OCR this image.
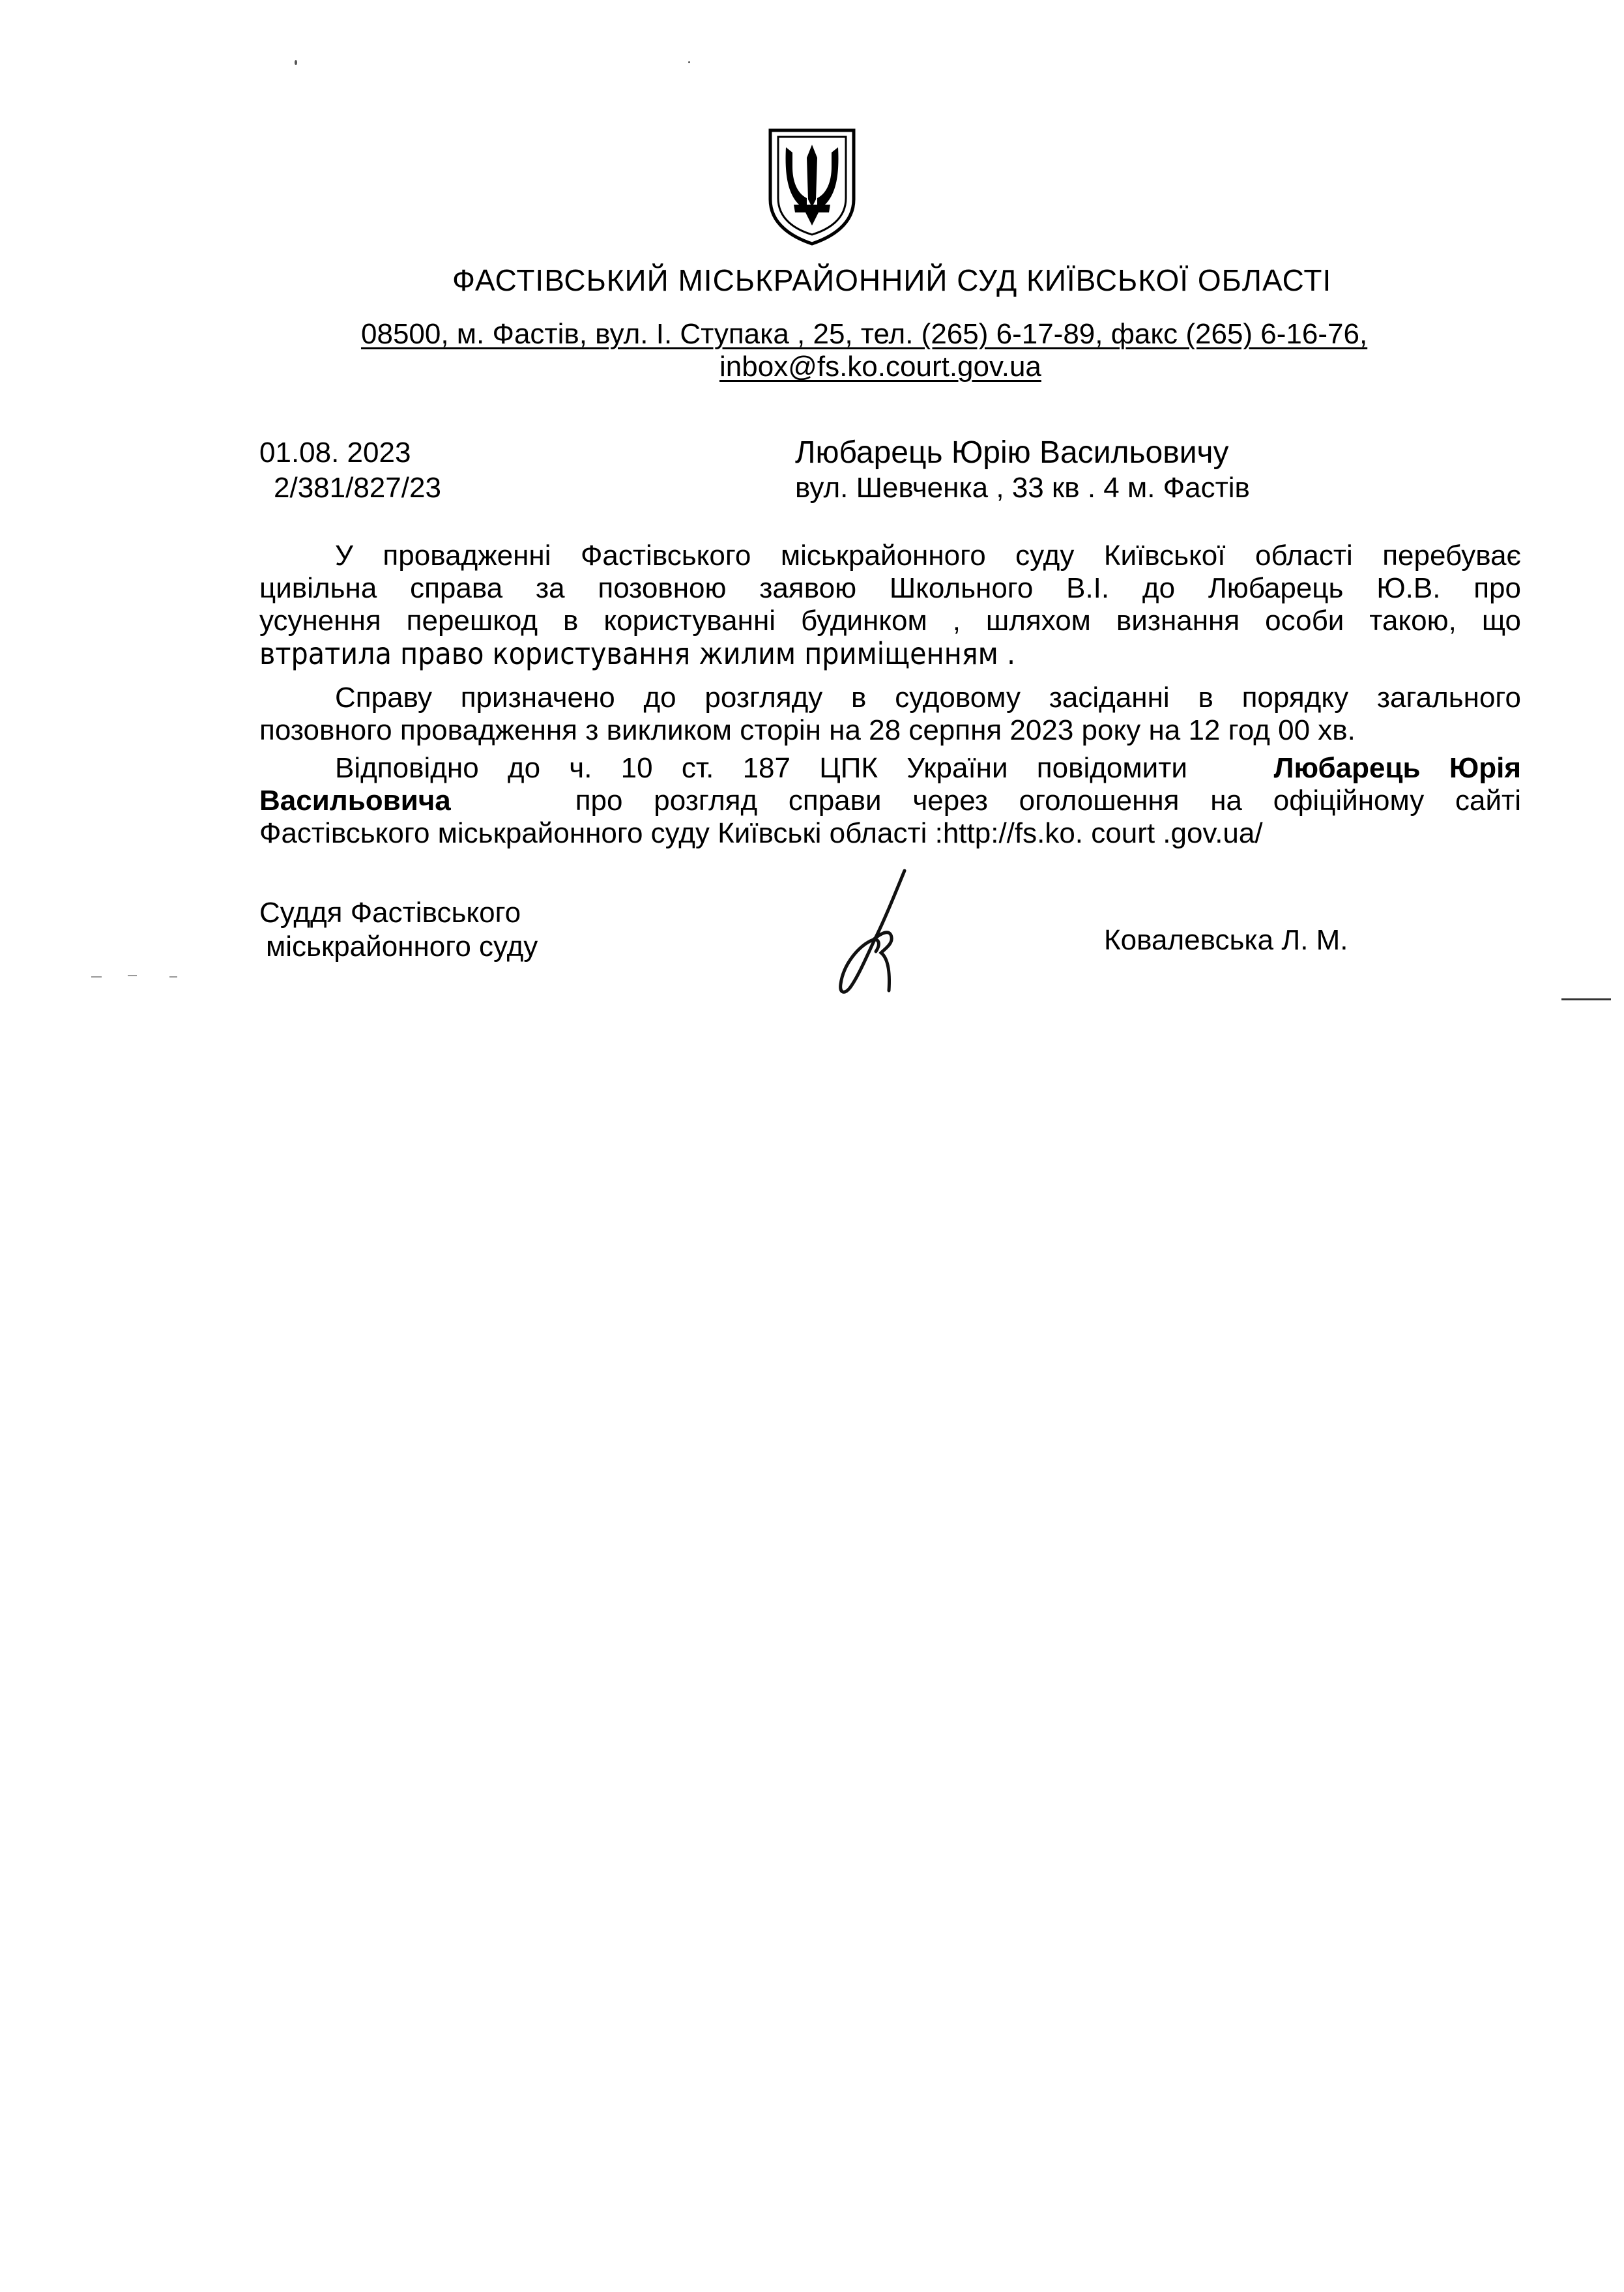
ФАСТІВСЬКИЙ МІСЬКРАЙОННИЙ СУД КИЇВСЬКОЇ ОБЛАСТІ
08500, м. Фастів, вул. І. Ступака , 25, тел. (265) 6-17-89, факс (265) 6-16-76,
inbox@fs.ko.court.gov.ua
01.08. 2023
2/381/827/23
Любарець Юрію Васильовичу
вул. Шевченка , 33 кв . 4 м. Фастів
У провадженні Фастівського міськрайонного суду Київської області перебуває
цивільна справа за позовною заявою Школьного В.І. до Любарець Ю.В. про
усунення перешкод в користуванні будинком , шляхом визнання особи такою, що
втратила право користування жилим приміщенням .
Справу призначено до розгляду в судовому засіданні в порядку загального
позовного провадження з викликом сторін на 28 серпня 2023 року на 12 год 00 хв.
Відповідно до ч. 10 ст. 187 ЦПК України повідомити	Любарець Юрія
Васильовича	про розгляд справи через оголошення на офіційному сайті
Фастівського міськрайонного суду Київські області :http://fs.ko. court .gov.ua/
Суддя Фастівського
міськрайонного суду	Ковалевська Л. М.
